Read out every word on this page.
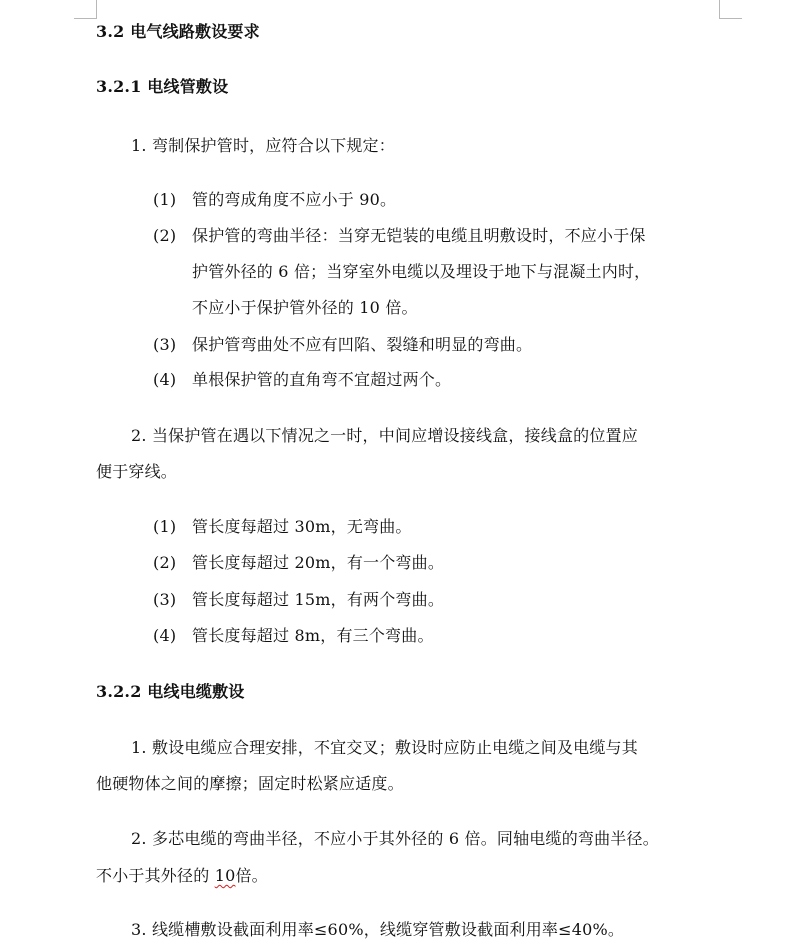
3.2 电气线路敷设要求
3.2.1 电线管敷设
1. 弯制保护管时，应符合以下规定：
(1) 管的弯成角度不应小于 90。
(2) 保护管的弯曲半径：当穿无铠装的电缆且明敷设时，不应小于保
护管外径的 6 倍；当穿室外电缆以及埋设于地下与混凝土内时，
不应小于保护管外径的 10 倍。
(3) 保护管弯曲处不应有凹陷、裂缝和明显的弯曲。
(4) 单根保护管的直角弯不宜超过两个。
2. 当保护管在遇以下情况之一时，中间应增设接线盒，接线盒的位置应
便于穿线。
(1) 管长度每超过 30m，无弯曲。
(2) 管长度每超过 20m，有一个弯曲。
(3) 管长度每超过 15m，有两个弯曲。
(4) 管长度每超过 8m，有三个弯曲。
3.2.2 电线电缆敷设
1. 敷设电缆应合理安排，不宜交叉；敷设时应防止电缆之间及电缆与其
他硬物体之间的摩擦；固定时松紧应适度。
2. 多芯电缆的弯曲半径，不应小于其外径的 6 倍。同轴电缆的弯曲半径。
不小于其外径的 10倍。
3. 线缆槽敷设截面利用率≤60%，线缆穿管敷设截面利用率≤40%。
